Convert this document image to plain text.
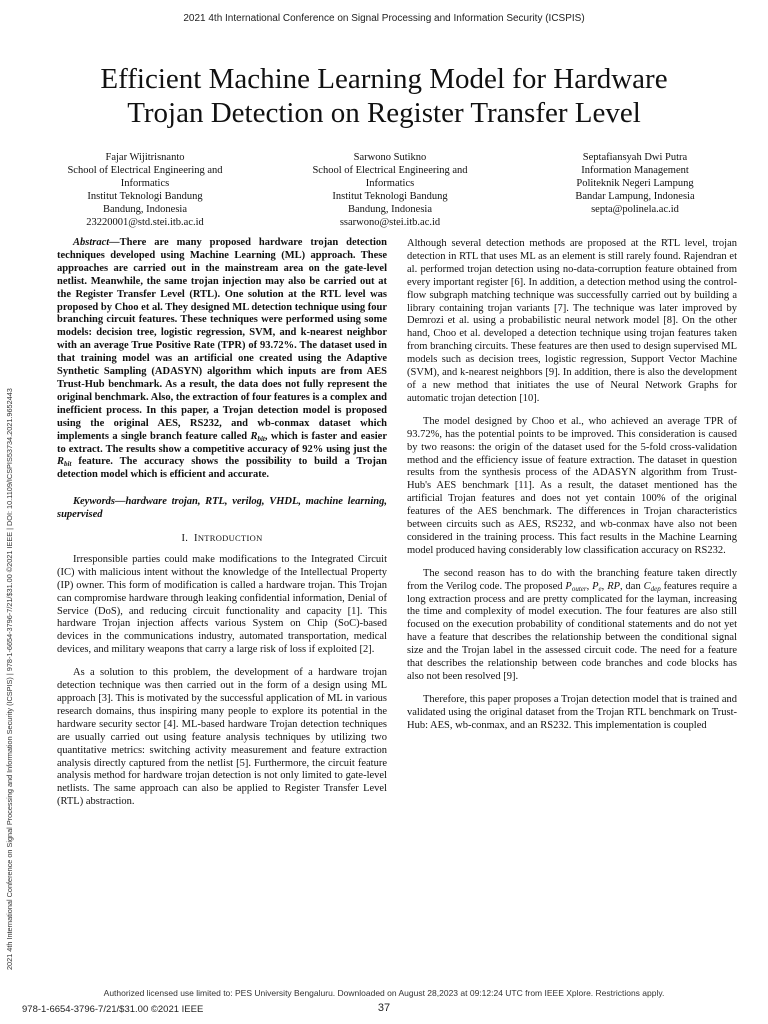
2021 4th International Conference on Signal Processing and Information Security (ICSPIS)
Efficient Machine Learning Model for Hardware
Trojan Detection on Register Transfer Level
Fajar Wijitrisnanto
School of Electrical Engineering and
Informatics
Institut Teknologi Bandung
Bandung, Indonesia
23220001@std.stei.itb.ac.id
Sarwono Sutikno
School of Electrical Engineering and
Informatics
Institut Teknologi Bandung
Bandung, Indonesia
ssarwono@stei.itb.ac.id
Septafiansyah Dwi Putra
Information Management
Politeknik Negeri Lampung
Bandar Lampung, Indonesia
septa@polinela.ac.id
2021 4th International Conference on Signal Processing and Information Security (ICSPIS) | 978-1-6654-3796-7/21/$31.00 ©2021 IEEE | DOI: 10.1109/ICSPIS53734.2021.9652443

Abstract—There are many proposed hardware trojan detection techniques developed using Machine Learning (ML) approach. These approaches are carried out in the mainstream area on the gate-level netlist. Meanwhile, the same trojan injection may also be carried out at the Register Transfer Level (RTL). One solution at the RTL level was proposed by Choo et al. They designed ML detection technique using four branching circuit features. These techniques were performed using some models: decision tree, logistic regression, SVM, and k-nearest neighbor with an average True Positive Rate (TPR) of 93.72%. The dataset used in that training model was an artificial one created using the Adaptive Synthetic Sampling (ADASYN) algorithm which inputs are from AES Trust-Hub benchmark. As a result, the data does not fully represent the original benchmark. Also, the extraction of four features is a complex and inefficient process. In this paper, a Trojan detection model is proposed using the original AES, RS232, and wb-conmax dataset which implements a single branch feature called $R_{bit}$, which is faster and easier to extract. The results show a competitive accuracy of 92% using just the $R_{bit}$ feature. The accuracy shows the possibility to build a Trojan detection model which is efficient and accurate.

Keywords—hardware trojan, RTL, verilog, VHDL, machine learning, supervised

I. INTRODUCTION

Irresponsible parties could make modifications to the Integrated Circuit (IC) with malicious intent without the knowledge of the Intellectual Property (IP) owner. This form of modification is called a hardware trojan. This Trojan can compromise hardware through leaking confidential information, Denial of Service (DoS), and reducing circuit functionality and capacity [1]. This hardware Trojan injection affects various System on Chip (SoC)-based devices in the communications industry, automated transportation, medical devices, and military weapons that carry a large risk of loss if exploited [2].

As a solution to this problem, the development of a hardware trojan detection technique was then carried out in the form of a design using ML approach [3]. This is motivated by the successful application of ML in various research domains, thus inspiring many people to explore its potential in the hardware security sector [4]. ML-based hardware Trojan detection techniques are usually carried out using feature analysis techniques by utilizing two quantitative metrics: switching activity measurement and feature extraction analysis directly captured from the netlist [5]. Furthermore, the circuit feature analysis method for hardware trojan detection is not only limited to gate-level netlists. The same approach can also be applied to Register Transfer Level (RTL) abstraction.

Although several detection methods are proposed at the RTL level, trojan detection in RTL that uses ML as an element is still rarely found. Rajendran et al. performed trojan detection using no-data-corruption feature obtained from every important register [6]. In addition, a detection method using the control-flow subgraph matching technique was successfully carried out by building a library containing trojan variants [7]. The technique was later improved by Demrozi et al. using a probabilistic neural network model [8]. On the other hand, Choo et al. developed a detection technique using trojan features taken from branching circuits. These features are then used to design supervised ML models such as decision trees, logistic regression, Support Vector Machine (SVM), and k-nearest neighbors [9]. In addition, there is also the development of a new method that initiates the use of Neural Network Graphs for automatic trojan detection [10].

The model designed by Choo et al., who achieved an average TPR of 93.72%, has the potential points to be improved. This consideration is caused by two reasons: the origin of the dataset used for the 5-fold cross-validation method and the efficiency issue of feature extraction. The dataset in question results from the synthesis process of the ADASYN algorithm from Trust-Hub's AES benchmark [11]. As a result, the dataset mentioned has the artificial Trojan features and does not yet contain 100% of the original features of the AES benchmark. The differences in Trojan characteristics between circuits such as AES, RS232, and wb-conmax have also not been considered in the training process. This fact results in the Machine Learning model produced having considerably low classification accuracy on RS232.

The second reason has to do with the branching feature taken directly from the Verilog code. The proposed $P_{outer}$, $P_e$, RP, dan $C_{dep}$ features require a long extraction process and are pretty complicated for the layman, increasing the time and complexity of model execution. The four features are also still focused on the execution probability of conditional statements and do not yet have a feature that describes the relationship between the conditional signal size and the Trojan label in the assessed circuit code. The need for a feature that describes the relationship between code branches and code blocks has also not been resolved [9].

Therefore, this paper proposes a Trojan detection model that is trained and validated using the original dataset from the Trojan RTL benchmark on Trust-Hub: AES, wb-conmax, and an RS232. This implementation is coupled

Authorized licensed use limited to: PES University Bengaluru. Downloaded on August 28,2023 at 09:12:24 UTC from IEEE Xplore. Restrictions apply.
978-1-6654-3796-7/21/$31.00 ©2021 IEEE	37
